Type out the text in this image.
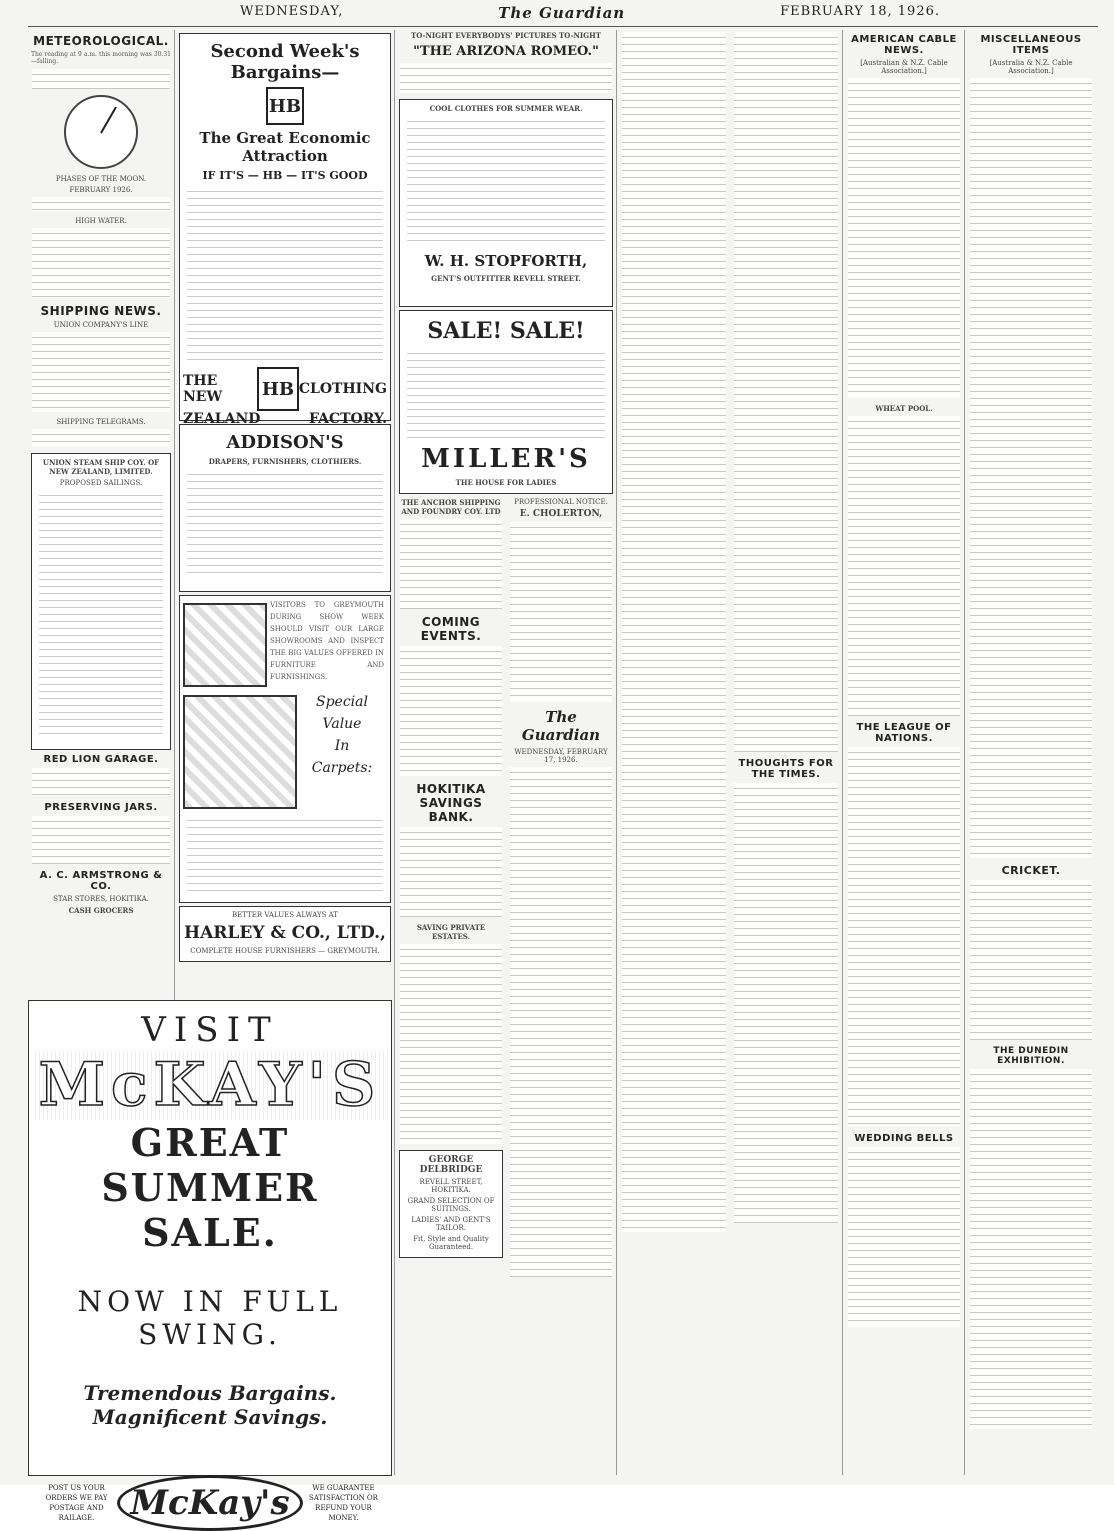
WEDNESDAY,	The Guardian	FEBRUARY 18, 1926.
METEOROLOGICAL.
The reading at 9 a.m. this morning was 30.31—falling.
PHASES OF THE MOON.
FEBRUARY 1926.
HIGH WATER.
SHIPPING NEWS.
UNION COMPANY'S LINE
SHIPPING TELEGRAMS.
UNION STEAM SHIP COY. OF NEW ZEALAND, LIMITED.
PROPOSED SAILINGS.
RED LION GARAGE.
PRESERVING JARS.
A. C. ARMSTRONG & CO.
STAR STORES, HOKITIKA.
CASH GROCERS
Second Week's Bargains—
HB
The Great Economic Attraction
IF IT'S — HB — IT'S GOOD
THE NEW	HB CLOTHING
ZEALAND	FACTORY.
ADDISON'S
DRAPERS, FURNISHERS, CLOTHIERS.
VISITORS TO GREYMOUTH DURING SHOW WEEK SHOULD VISIT OUR LARGE SHOWROOMS AND INSPECT THE BIG VALUES OFFERED IN FURNITURE AND FURNISHINGS.
Special
Value
In
Carpets:
BETTER VALUES ALWAYS AT
HARLEY & CO., LTD.,
COMPLETE HOUSE FURNISHERS — GREYMOUTH.
TO-NIGHT EVERYBODYS' PICTURES TO-NIGHT
"THE ARIZONA ROMEO."
COOL CLOTHES FOR SUMMER WEAR.
W. H. STOPFORTH,
GENT'S OUTFITTER REVELL STREET.
SALE! SALE!
MILLER'S
THE HOUSE FOR LADIES
THE ANCHOR SHIPPING AND FOUNDRY COY. LTD
COMING EVENTS.
HOKITIKA SAVINGS BANK.
SAVING PRIVATE ESTATES.
GEORGE DELBRIDGE
REVELL STREET, HOKITIKA.
GRAND SELECTION OF SUITINGS.
LADIES' AND GENT'S TAILOR.
Fit, Style and Quality Guaranteed.
PROFESSIONAL NOTICE.
E. CHOLERTON,
The Guardian
WEDNESDAY, FEBRUARY 17, 1926.	THOUGHTS FOR THE TIMES.
AMERICAN CABLE NEWS.
[Australian & N.Z. Cable Association.]
WHEAT POOL.
THE LEAGUE OF NATIONS.
WEDDING BELLS
MISCELLANEOUS ITEMS
[Australia & N.Z. Cable Association.]
CRICKET.
THE DUNEDIN EXHIBITION.
VISIT
McKAY'S
GREAT SUMMER SALE.
NOW IN FULL SWING.
Tremendous Bargains. Magnificent Savings.
POST US YOUR ORDERS WE PAY POSTAGE AND RAILAGE.	McKay's	WE GUARANTEE SATISFACTION OR REFUND YOUR MONEY.
